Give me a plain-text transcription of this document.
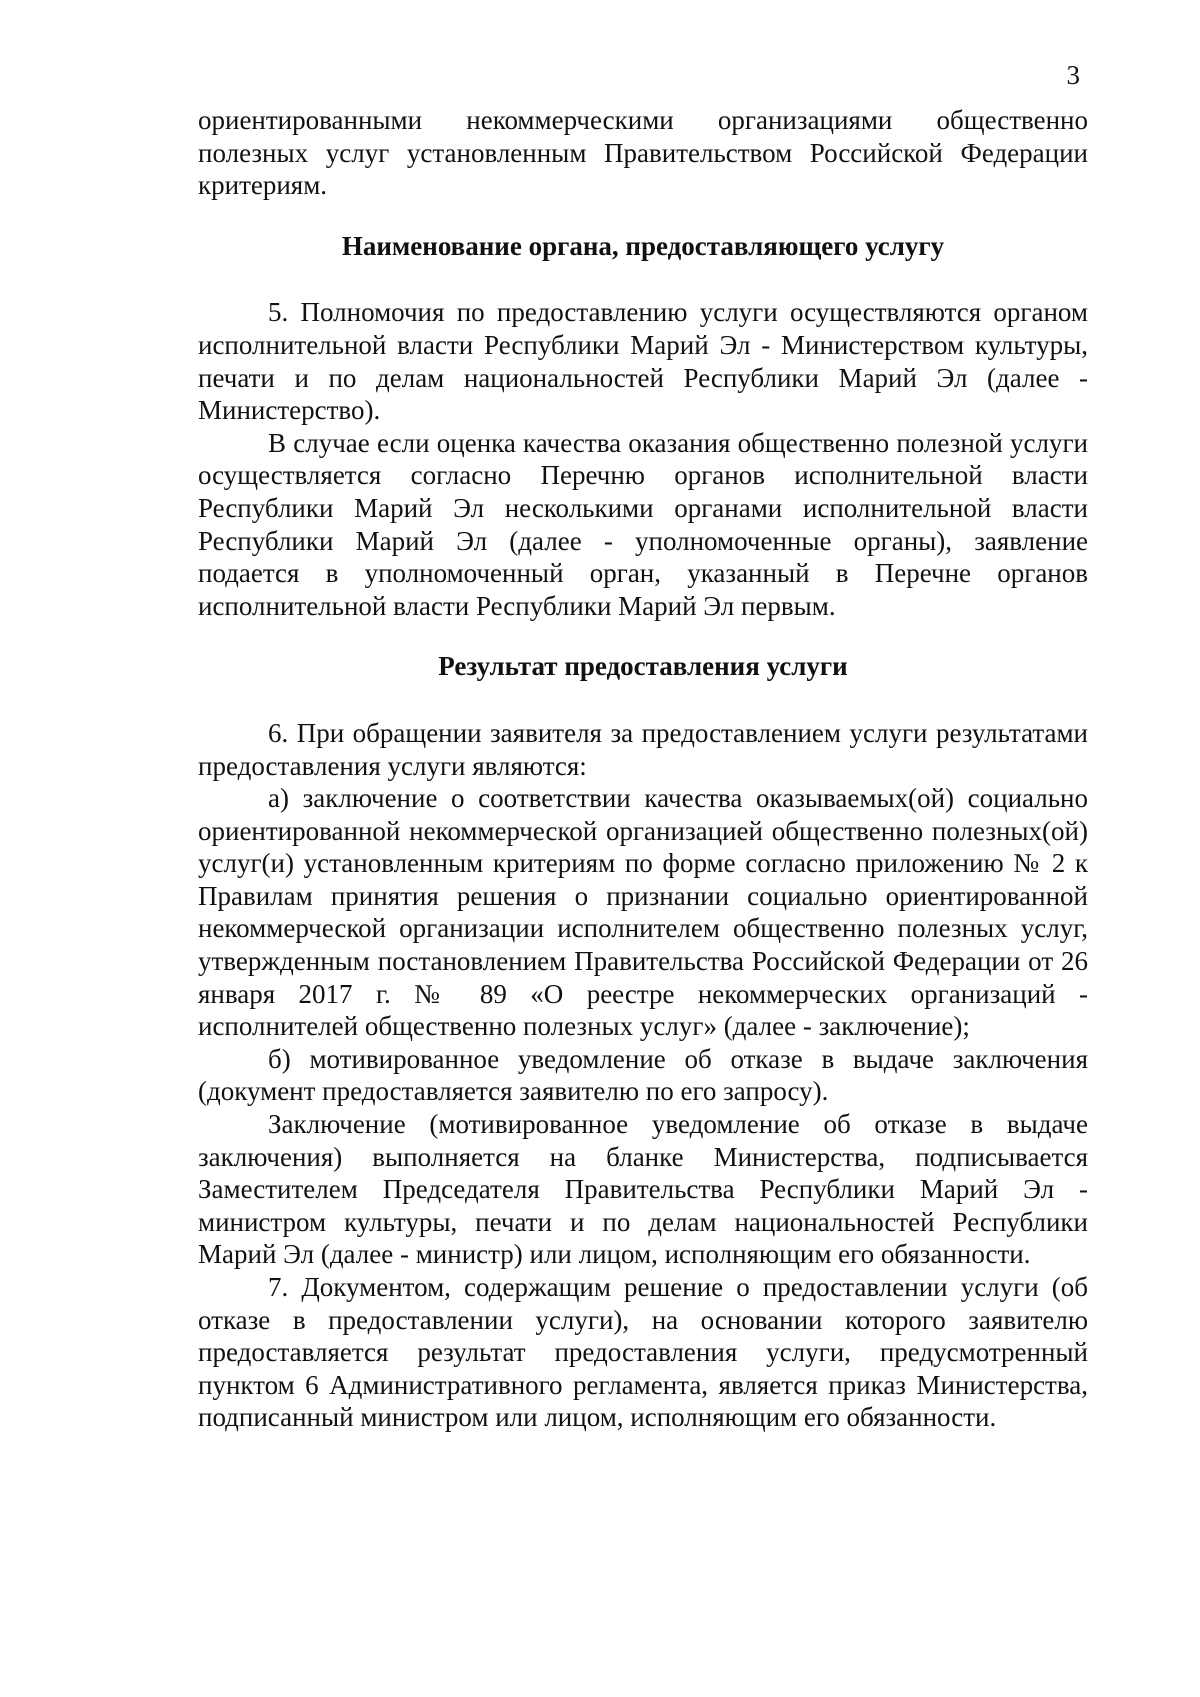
3

ориентированными некоммерческими организациями общественно полезных услуг установленным Правительством Российской Федерации критериям.

Наименование органа, предоставляющего услугу

5. Полномочия по предоставлению услуги осуществляются органом исполнительной власти Республики Марий Эл - Министерством культуры, печати и по делам национальностей Республики Марий Эл (далее - Министерство).

В случае если оценка качества оказания общественно полезной услуги осуществляется согласно Перечню органов исполнительной власти Республики Марий Эл несколькими органами исполнительной власти Республики Марий Эл (далее - уполномоченные органы), заявление подается в уполномоченный орган, указанный в Перечне органов исполнительной власти Республики Марий Эл первым.

Результат предоставления услуги

6. При обращении заявителя за предоставлением услуги результатами предоставления услуги являются:

а) заключение о соответствии качества оказываемых(ой) социально ориентированной некоммерческой организацией общественно полезных(ой) услуг(и) установленным критериям по форме согласно приложению № 2 к Правилам принятия решения о признании социально ориентированной некоммерческой организации исполнителем общественно полезных услуг, утвержденным постановлением Правительства Российской Федерации от 26 января 2017 г. № 89 «О реестре некоммерческих организаций - исполнителей общественно полезных услуг» (далее - заключение);

б) мотивированное уведомление об отказе в выдаче заключения (документ предоставляется заявителю по его запросу).

Заключение (мотивированное уведомление об отказе в выдаче заключения) выполняется на бланке Министерства, подписывается Заместителем Председателя Правительства Республики Марий Эл - министром культуры, печати и по делам национальностей Республики Марий Эл (далее - министр) или лицом, исполняющим его обязанности.

7. Документом, содержащим решение о предоставлении услуги (об отказе в предоставлении услуги), на основании которого заявителю предоставляется результат предоставления услуги, предусмотренный пунктом 6 Административного регламента, является приказ Министерства, подписанный министром или лицом, исполняющим его обязанности.
